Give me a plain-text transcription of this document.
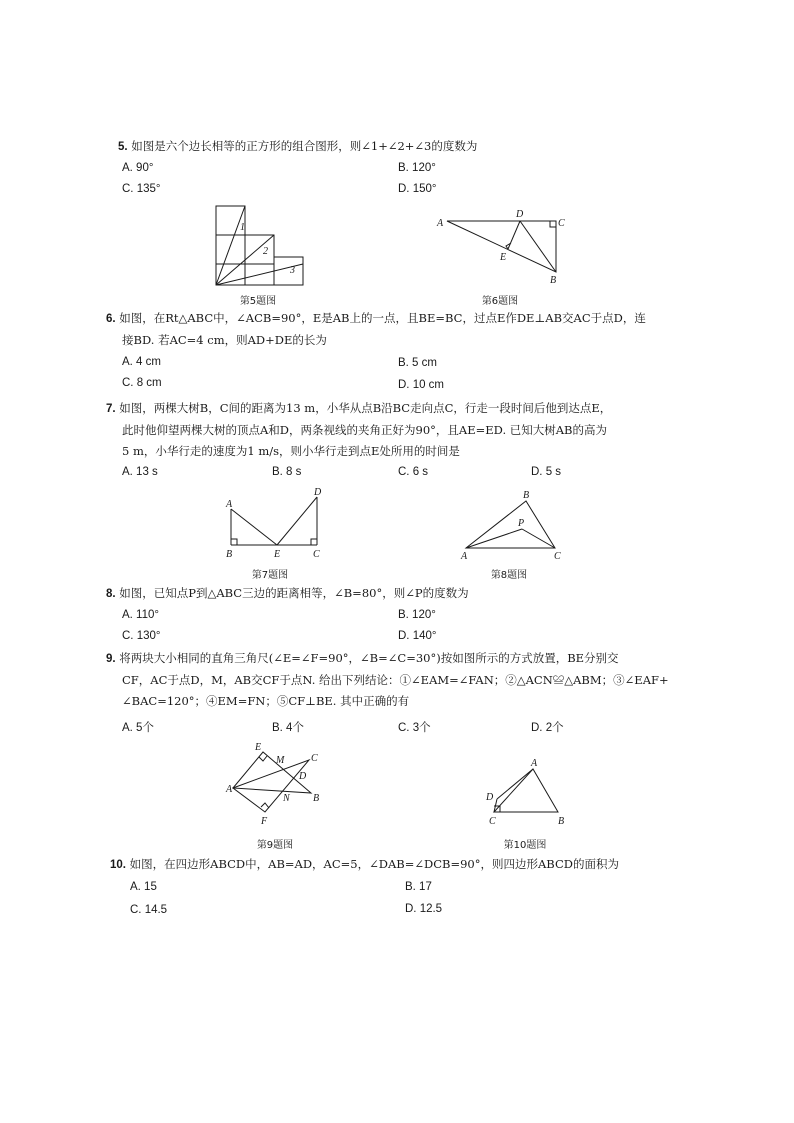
5. 如图是六个边长相等的正方形的组合图形，则∠1+∠2+∠3的度数为
A. 90°	B. 120°
C. 135°	D. 150°
1
2
3
第5题图
A
D
C
E
B
第6题图
6. 如图，在Rt△ABC中，∠ACB=90°，E是AB上的一点，且BE=BC，过点E作DE⊥AB交AC于点D，连
接BD. 若AC=4 cm，则AD+DE的长为
A. 4 cm	B. 5 cm
C. 8 cm	D. 10 cm
7. 如图，两棵大树B，C间的距离为13 m，小华从点B沿BC走向点C，行走一段时间后他到达点E，
此时他仰望两棵大树的顶点A和D，两条视线的夹角正好为90°，且AE=ED. 已知大树AB的高为
5 m，小华行走的速度为1 m/s，则小华行走到点E处所用的时间是
A. 13 s	B. 8 s	C. 6 s	D. 5 s
A
D
B	E	C
第7题图
B
P
A	C
第8题图
8. 如图，已知点P到△ABC三边的距离相等，∠B=80°，则∠P的度数为
A. 110°	B. 120°
C. 130°	D. 140°
9. 将两块大小相同的直角三角尺(∠E=∠F=90°，∠B=∠C=30°)按如图所示的方式放置，BE分别交
CF，AC于点D，M，AB交CF于点N. 给出下列结论：①∠EAM=∠FAN；②△ACN≌△ABM；③∠EAF+
∠BAC=120°；④EM=FN；⑤CF⊥BE. 其中正确的有
A. 5个	B. 4个	C. 3个	D. 2个
E
M	C
D
A
N B
F
第9题图
A
D
C	B
第10题图
10. 如图，在四边形ABCD中，AB=AD，AC=5，∠DAB=∠DCB=90°，则四边形ABCD的面积为
A. 15	B. 17
C. 14.5	D. 12.5
